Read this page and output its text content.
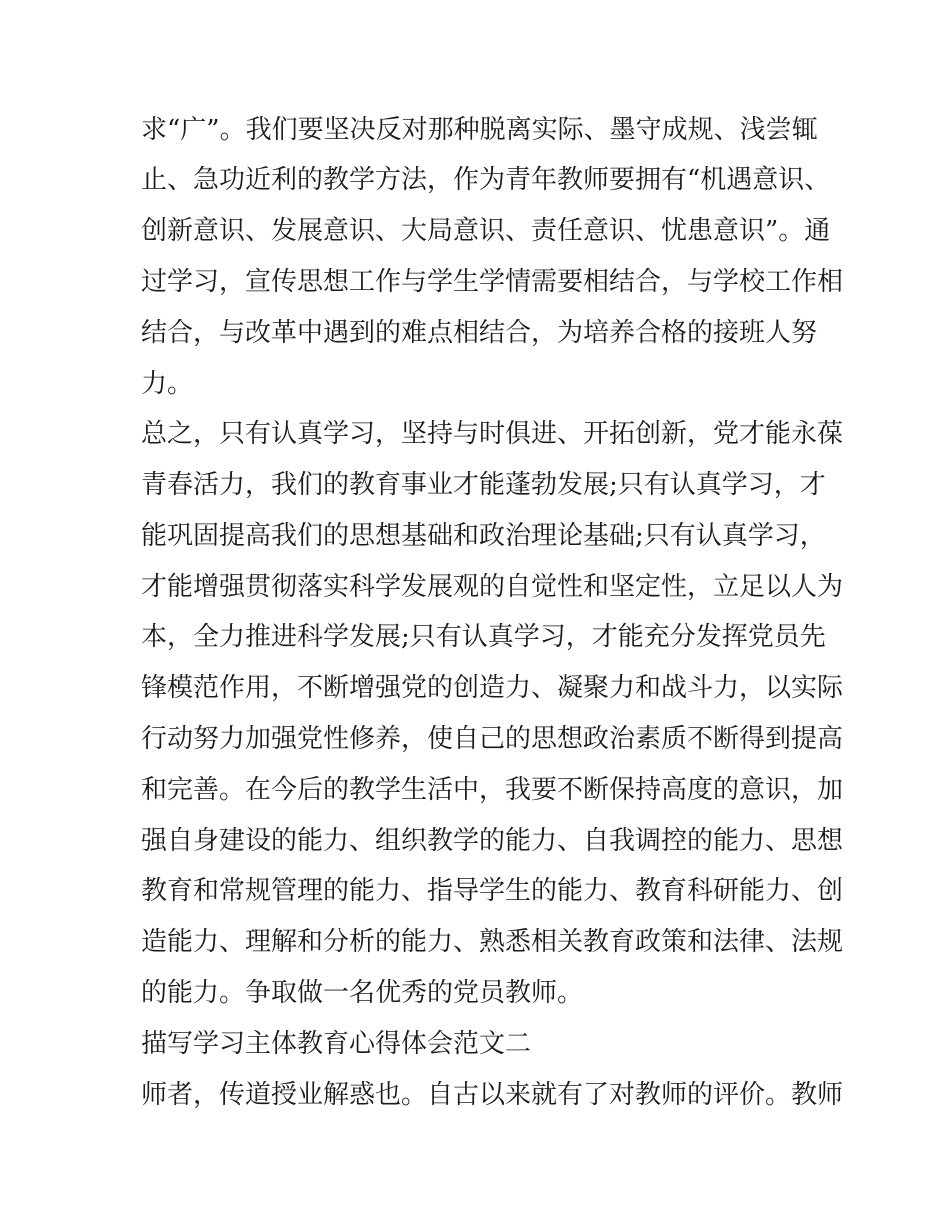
求“广”。我们要坚决反对那种脱离实际、墨守成规、浅尝辄
止、急功近利的教学方法，作为青年教师要拥有“机遇意识、
创新意识、发展意识、大局意识、责任意识、忧患意识”。通
过学习，宣传思想工作与学生学情需要相结合，与学校工作相
结合，与改革中遇到的难点相结合，为培养合格的接班人努
力。
总之，只有认真学习，坚持与时俱进、开拓创新，党才能永葆
青春活力，我们的教育事业才能蓬勃发展;只有认真学习，才
能巩固提高我们的思想基础和政治理论基础;只有认真学习，
才能增强贯彻落实科学发展观的自觉性和坚定性，立足以人为
本，全力推进科学发展;只有认真学习，才能充分发挥党员先
锋模范作用，不断增强党的创造力、凝聚力和战斗力，以实际
行动努力加强党性修养，使自己的思想政治素质不断得到提高
和完善。在今后的教学生活中，我要不断保持高度的意识，加
强自身建设的能力、组织教学的能力、自我调控的能力、思想
教育和常规管理的能力、指导学生的能力、教育科研能力、创
造能力、理解和分析的能力、熟悉相关教育政策和法律、法规
的能力。争取做一名优秀的党员教师。
描写学习主体教育心得体会范文二
师者，传道授业解惑也。自古以来就有了对教师的评价。教师
